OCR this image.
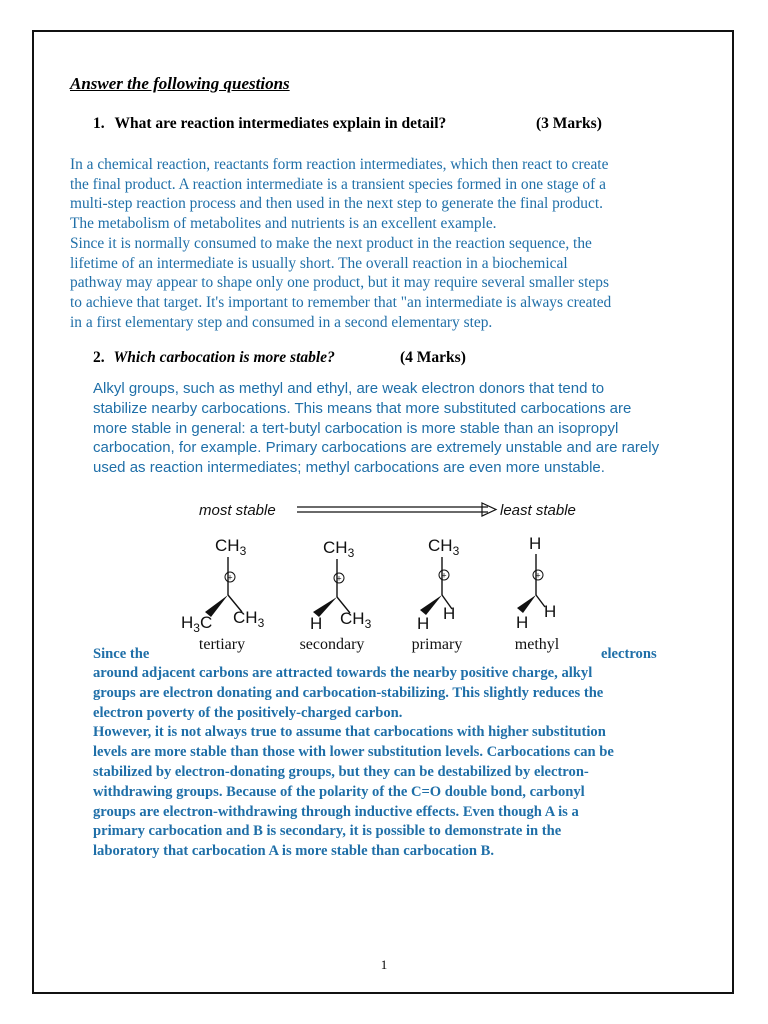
Answer the following questions
1. What are reaction intermediates explain in detail?	(3 Marks)
In a chemical reaction, reactants form reaction intermediates, which then react to create
the final product. A reaction intermediate is a transient species formed in one stage of a
multi-step reaction process and then used in the next step to generate the final product.
The metabolism of metabolites and nutrients is an excellent example.
Since it is normally consumed to make the next product in the reaction sequence, the
lifetime of an intermediate is usually short. The overall reaction in a biochemical
pathway may appear to shape only one product, but it may require several smaller steps
to achieve that target. It's important to remember that "an intermediate is always created
in a first elementary step and consumed in a second elementary step.
2. Which carbocation is more stable?	(4 Marks)
Alkyl groups, such as methyl and ethyl, are weak electron donors that tend to
stabilize nearby carbocations. This means that more substituted carbocations are
more stable in general: a tert-butyl carbocation is more stable than an isopropyl
carbocation, for example. Primary carbocations are extremely unstable and are rarely
used as reaction intermediates; methyl carbocations are even more unstable.
most stable	least stable
$CH_3$
+
$CH_3$
$H_3C$
$CH_3$
+
$CH_3$
H
$CH_3$
+
H
H
H
+
H
H
tertiary	secondary	primary	methyl
Since the	electrons
around adjacent carbons are attracted towards the nearby positive charge, alkyl
groups are electron donating and carbocation-stabilizing. This slightly reduces the
electron poverty of the positively-charged carbon.
However, it is not always true to assume that carbocations with higher substitution
levels are more stable than those with lower substitution levels. Carbocations can be
stabilized by electron-donating groups, but they can be destabilized by electron-
withdrawing groups. Because of the polarity of the C=O double bond, carbonyl
groups are electron-withdrawing through inductive effects. Even though A is a
primary carbocation and B is secondary, it is possible to demonstrate in the
laboratory that carbocation A is more stable than carbocation B.
1
